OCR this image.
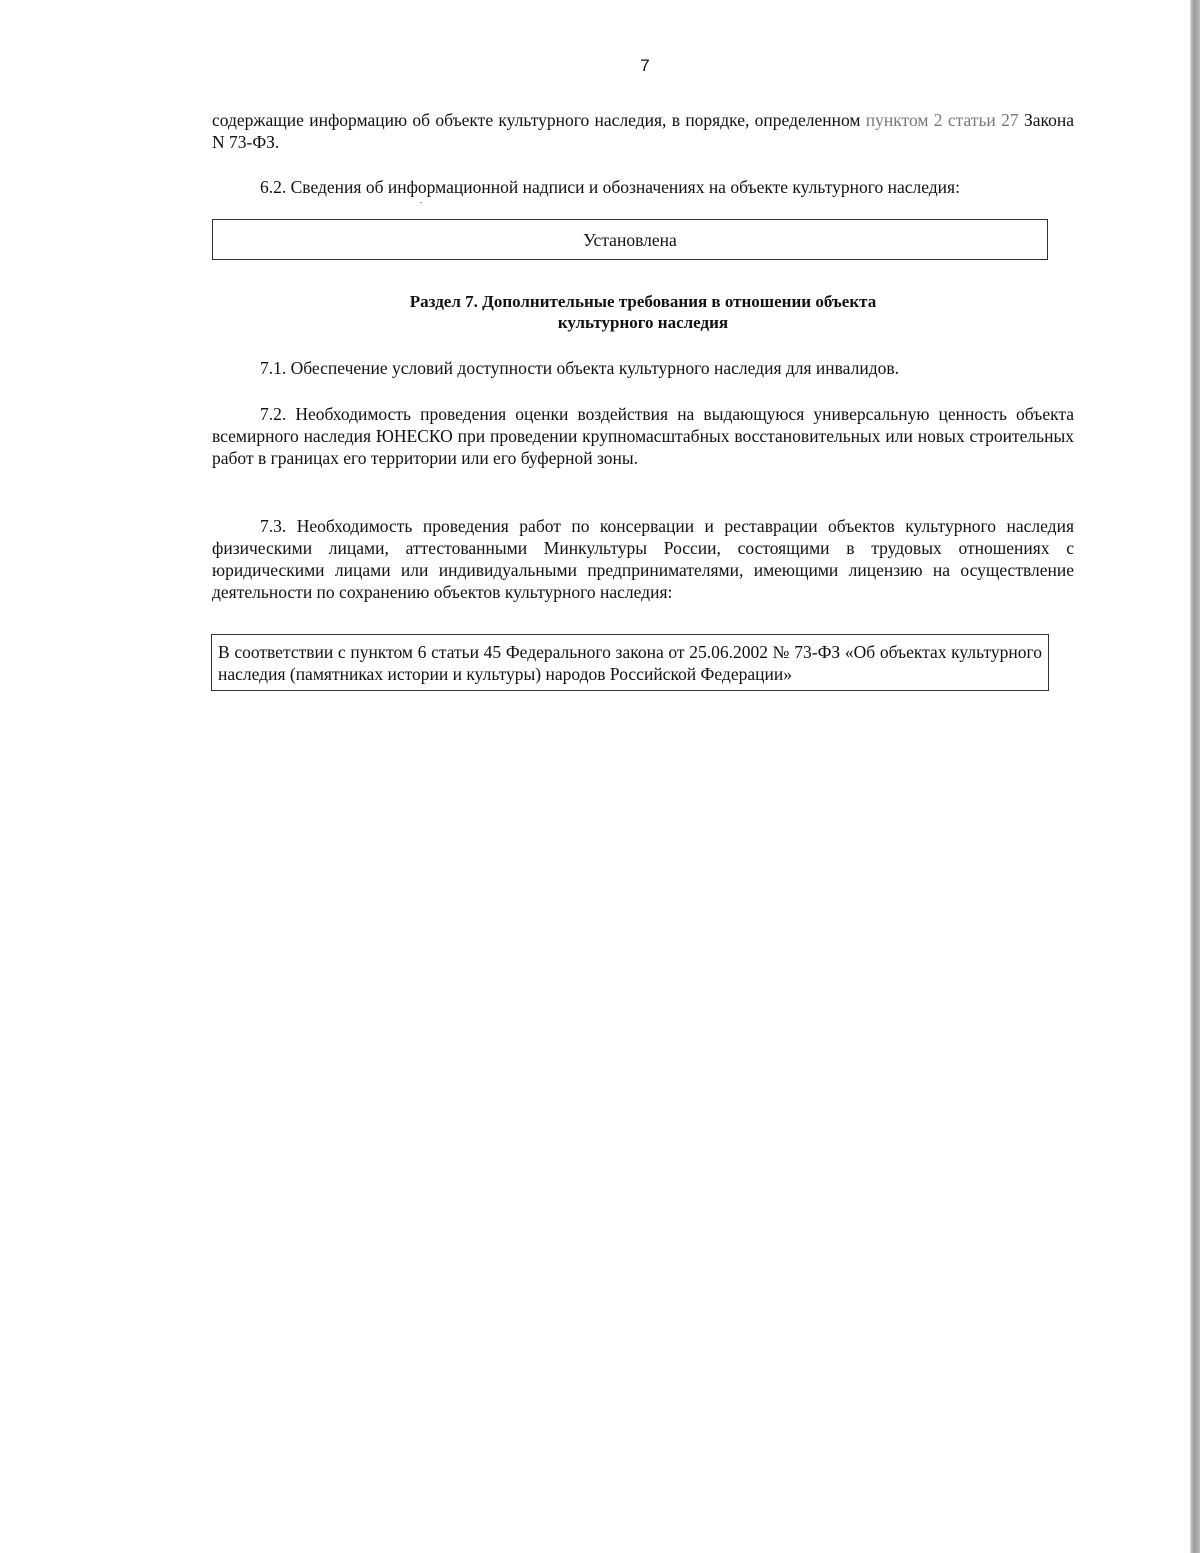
7

содержащие информацию об объекте культурного наследия, в порядке, определенном пунктом 2 статьи 27 Закона N 73-ФЗ.

6.2. Сведения об информационной надписи и обозначениях на объекте культурного наследия:

Установлена

Раздел 7. Дополнительные требования в отношении объекта

культурного наследия

7.1. Обеспечение условий доступности объекта культурного наследия для инвалидов.

7.2. Необходимость проведения оценки воздействия на выдающуюся универсальную ценность объекта всемирного наследия ЮНЕСКО при проведении крупномасштабных восстановительных или новых строительных работ в границах его территории или его буферной зоны.

7.3. Необходимость проведения работ по консервации и реставрации объектов культурного наследия физическими лицами, аттестованными Минкультуры России, состоящими в трудовых отношениях с юридическими лицами или индивидуальными предпринимателями, имеющими лицензию на осуществление деятельности по сохранению объектов культурного наследия:

В соответствии с пунктом 6 статьи 45 Федерального закона от 25.06.2002 № 73-ФЗ «Об объектах культурного наследия (памятниках истории и культуры) народов Российской Федерации»
